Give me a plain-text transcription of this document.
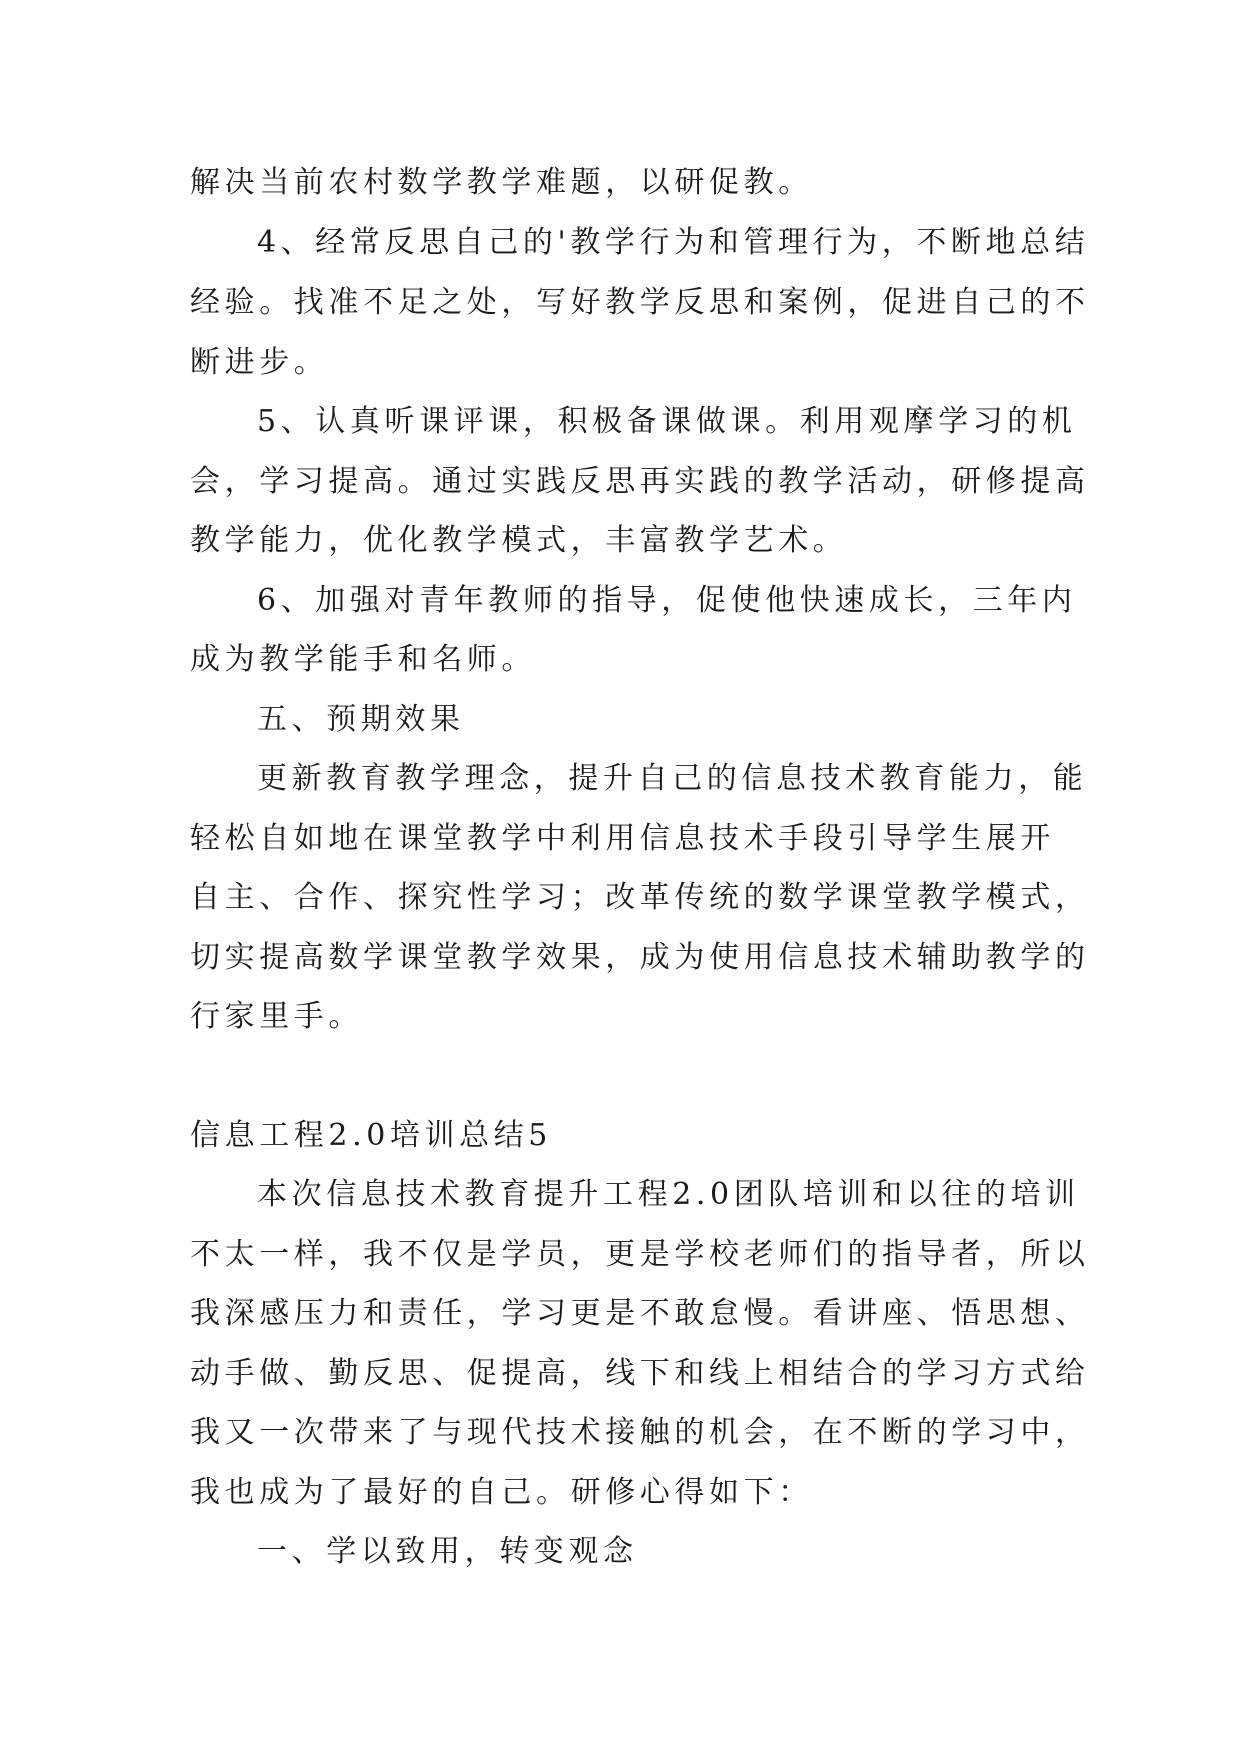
解决当前农村数学教学难题，以研促教。
4、经常反思自己的'教学行为和管理行为，不断地总结
经验。找准不足之处，写好教学反思和案例，促进自己的不
断进步。
5、认真听课评课，积极备课做课。利用观摩学习的机
会，学习提高。通过实践反思再实践的教学活动，研修提高
教学能力，优化教学模式，丰富教学艺术。
6、加强对青年教师的指导，促使他快速成长，三年内
成为教学能手和名师。
五、预期效果
更新教育教学理念，提升自己的信息技术教育能力，能
轻松自如地在课堂教学中利用信息技术手段引导学生展开
自主、合作、探究性学习；改革传统的数学课堂教学模式，
切实提高数学课堂教学效果，成为使用信息技术辅助教学的
行家里手。
信息工程2.0培训总结5
本次信息技术教育提升工程2.0团队培训和以往的培训
不太一样，我不仅是学员，更是学校老师们的指导者，所以
我深感压力和责任，学习更是不敢怠慢。看讲座、悟思想、
动手做、勤反思、促提高，线下和线上相结合的学习方式给
我又一次带来了与现代技术接触的机会，在不断的学习中，
我也成为了最好的自己。研修心得如下：
一、学以致用，转变观念
